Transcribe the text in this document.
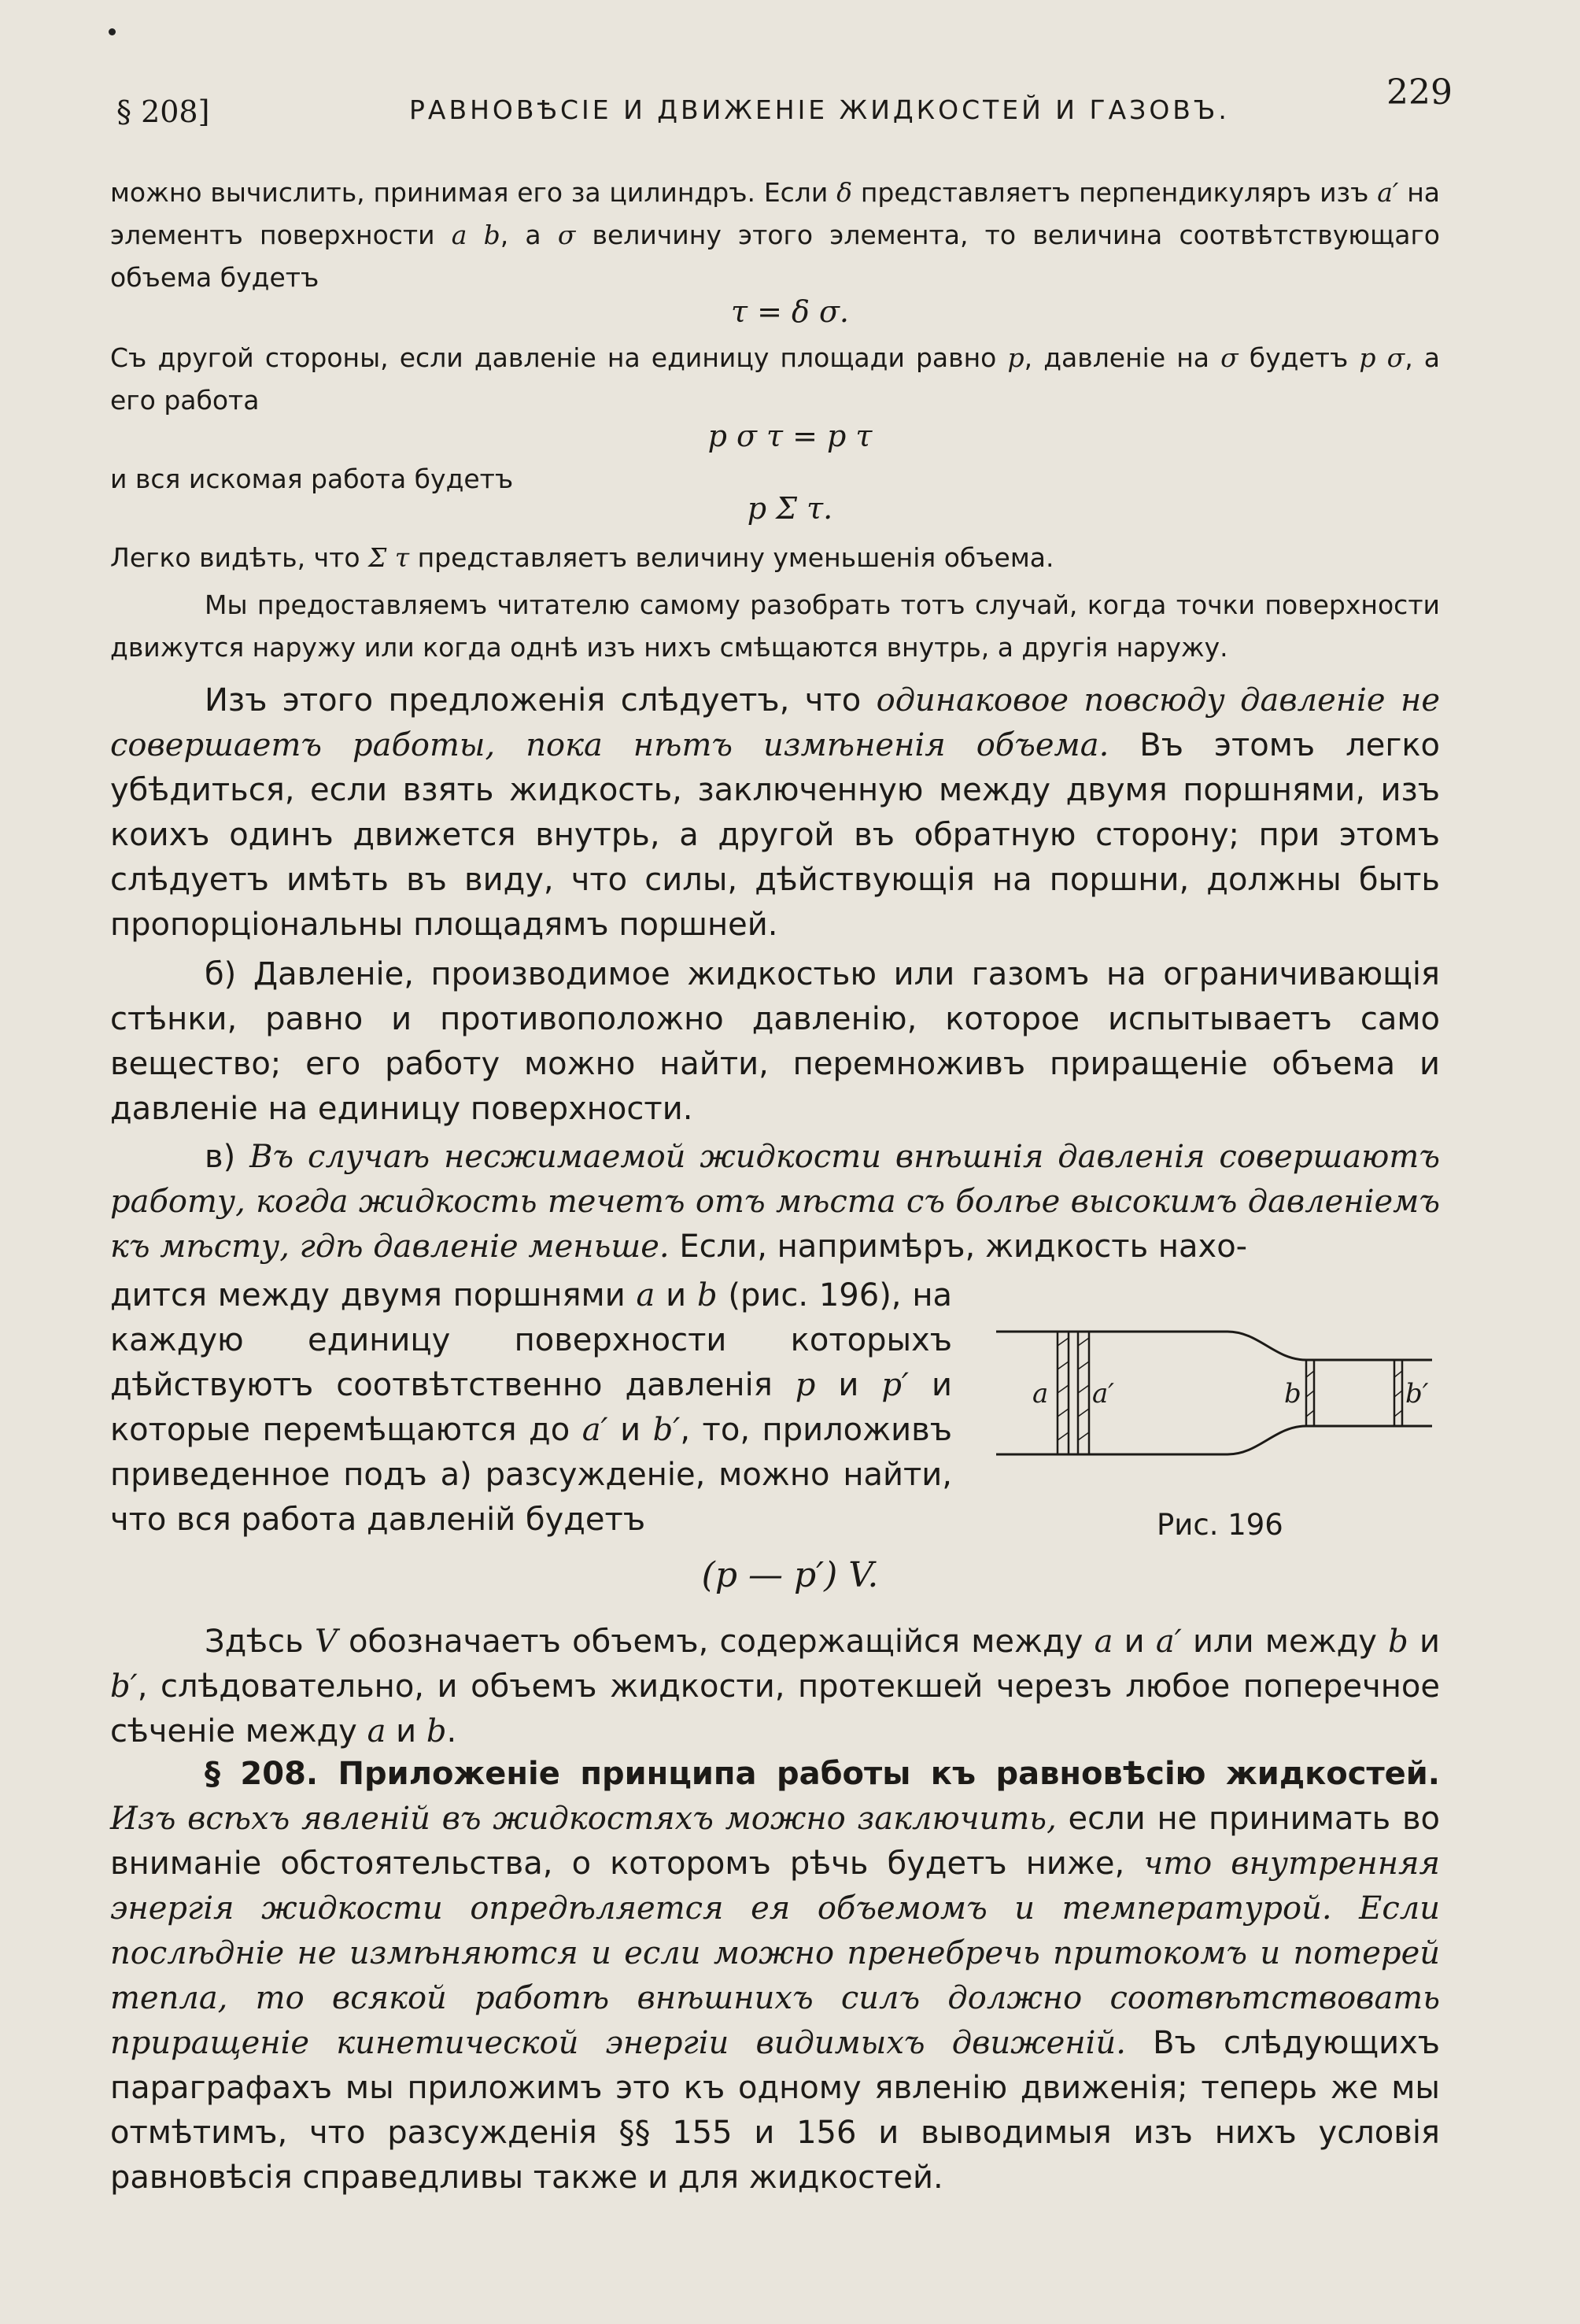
§ 208]	РАВНОВѢСІЕ И ДВИЖЕНІЕ ЖИДКОСТЕЙ И ГАЗОВЪ.	229
можно вычислить, принимая его за цилиндръ. Если δ представляетъ перпендикуляръ изъ a′ на элементъ поверхности a b, а σ величину этого элемента, то величина соотвѣтствующаго объема будетъ
τ = δ σ.
Съ другой стороны, если давленіе на единицу площади равно p, давленіе на σ будетъ p σ, а его работа
p σ τ = p τ
и вся искомая работа будетъ
p Σ τ.
Легко видѣть, что Σ τ представляетъ величину уменьшенія объема.
Мы предоставляемъ читателю самому разобрать тотъ случай, когда точки поверхности движутся наружу или когда однѣ изъ нихъ смѣщаются внутрь, а другія наружу.
Изъ этого предложенія слѣдуетъ, что одинаковое повсюду давленіе не совершаетъ работы, пока нѣтъ измѣненія объема. Въ этомъ легко убѣдиться, если взять жидкость, заключенную между двумя поршнями, изъ коихъ одинъ движется внутрь, а другой въ обратную сторону; при этомъ слѣдуетъ имѣть въ виду, что силы, дѣйствующія на поршни, должны быть пропорціональны площадямъ поршней.
б) Давленіе, производимое жидкостью или газомъ на ограничивающія стѣнки, равно и противоположно давленію, которое испытываетъ само вещество; его работу можно найти, перемноживъ приращеніе объема и давленіе на единицу поверхности.
в) Въ случаѣ несжимаемой жидкости внѣшнія давленія совершаютъ работу, когда жидкость течетъ отъ мѣста съ болѣе высокимъ давленіемъ къ мѣсту, гдѣ давленіе меньше. Если, напримѣръ, жидкость нахо-
дится между двумя поршнями a и b (рис. 196), на каждую единицу поверхности которыхъ дѣйствуютъ соотвѣтственно давленія p и p′ и которые перемѣщаются до a′ и b′, то, приложивъ приведенное подъ а) разсужденіе, можно найти, что вся работа давленій будетъ
a a′	b	b′
Рис. 196
(p — p′) V.
Здѣсь V обозначаетъ объемъ, содержащійся между a и a′ или между b и b′, слѣдовательно, и объемъ жидкости, протекшей черезъ любое поперечное сѣченіе между a и b.
§ 208. Приложеніе принципа работы къ равновѣсію жидкостей. Изъ всѣхъ явленій въ жидкостяхъ можно заключить, если не принимать во вниманіе обстоятельства, о которомъ рѣчь будетъ ниже, что внутренняя энергія жидкости опредѣляется ея объемомъ и температурой. Если послѣдніе не измѣняются и если можно пренебречь притокомъ и потерей тепла, то всякой работѣ внѣшнихъ силъ должно соотвѣтствовать приращеніе кинетической энергіи видимыхъ движеній. Въ слѣдующихъ параграфахъ мы приложимъ это къ одному явленію движенія; теперь же мы отмѣтимъ, что разсужденія §§ 155 и 156 и выводимыя изъ нихъ условія равновѣсія справедливы также и для жидкостей.
